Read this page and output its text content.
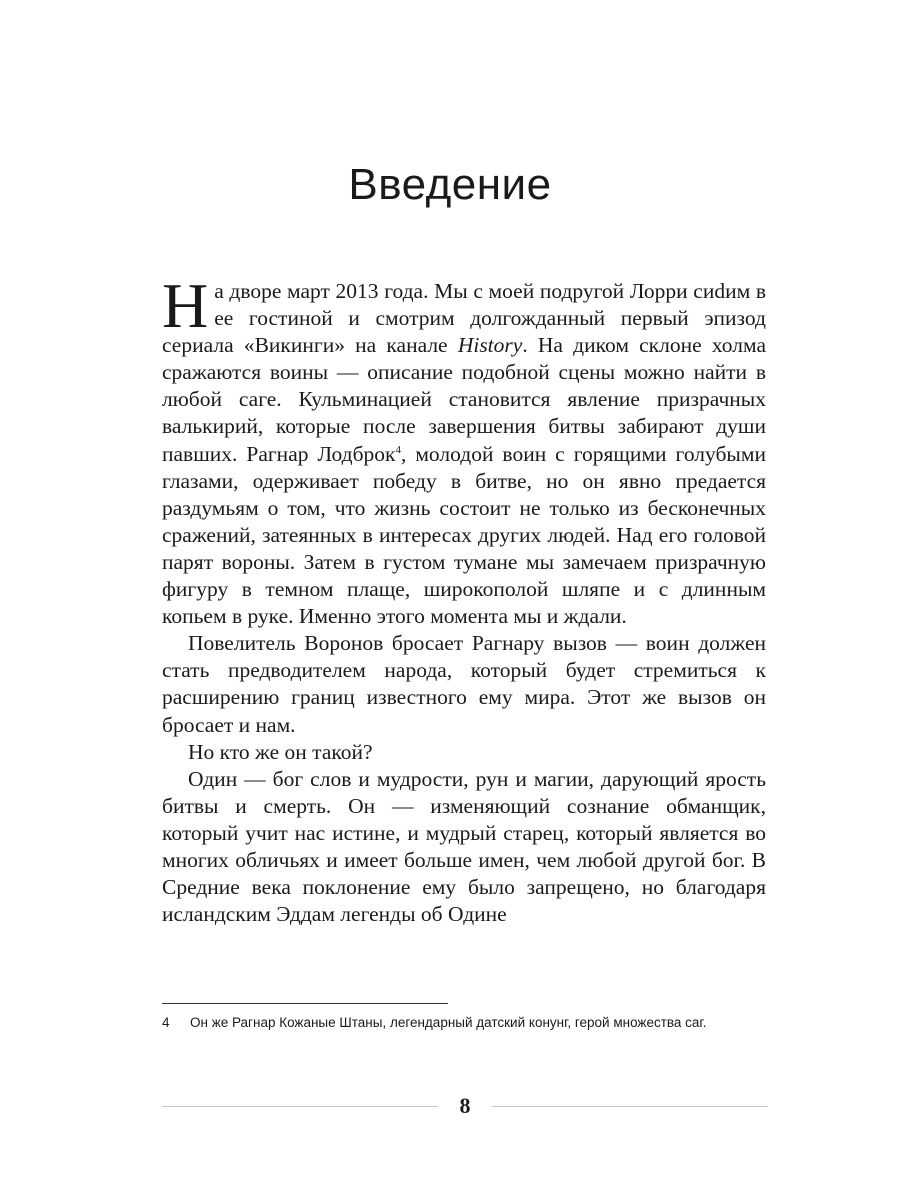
Введение

На дворе март 2013 года. Мы с моей подругой Лорри сиdим в ее гостиной и смотрим долгожданный первый эпизод сериала «Викинги» на канале History. На диком склоне холма сражаются воины — описание подобной сцены можно найти в любой саге. Кульминацией становится явление призрачных валькирий, которые после завершения битвы забирают души павших. Рагнар Лодброк$^4$, молодой воин с горящими голубыми глазами, одерживает победу в битве, но он явно предается раздумьям о том, что жизнь состоит не только из бесконечных сражений, затеянных в интересах других людей. Над его головой парят вороны. Затем в густом тумане мы замечаем призрачную фигуру в темном плаще, широкополой шляпе и с длинным копьем в руке. Именно этого момента мы и ждали.

Повелитель Воронов бросает Рагнару вызов — воин должен стать предводителем народа, который будет стремиться к расширению границ известного ему мира. Этот же вызов он бросает и нам.

Но кто же он такой?

Один — бог слов и мудрости, рун и магии, дарующий ярость битвы и смерть. Он — изменяющий сознание обманщик, который учит нас истине, и мудрый старец, который является во многих обличьях и имеет больше имен, чем любой другой бог. В Средние века поклонение ему было запрещено, но благодаря исландским Эддам легенды об Одине

4 Он же Рагнар Кожаные Штаны, легендарный датский конунг, герой множества саг.
8
